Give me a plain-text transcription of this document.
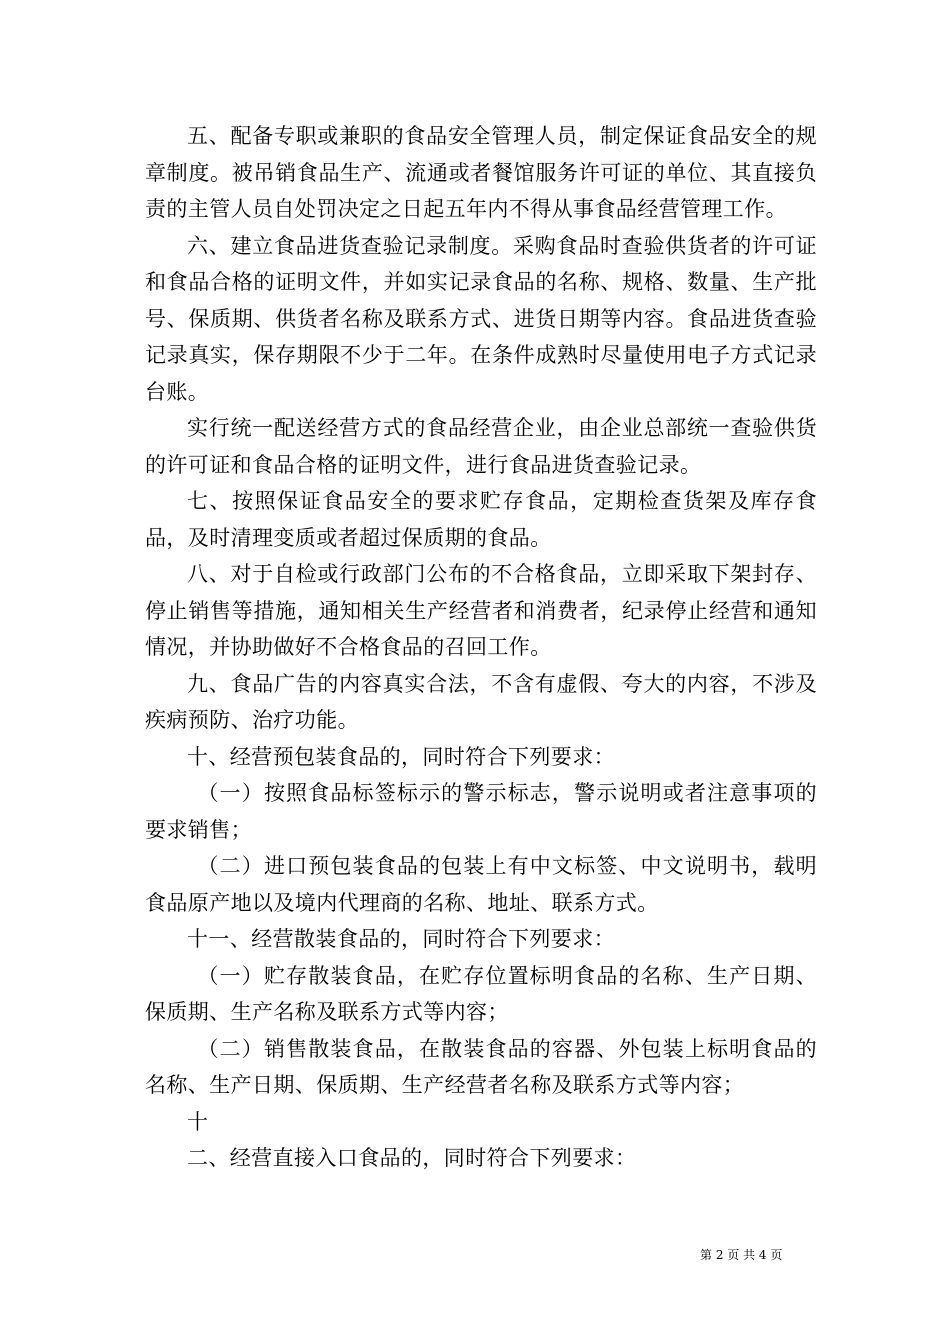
五、配备专职或兼职的食品安全管理人员，制定保证食品安全的规章制度。被吊销食品生产、流通或者餐馆服务许可证的单位、其直接负责的主管人员自处罚决定之日起五年内不得从事食品经营管理工作。

六、建立食品进货查验记录制度。采购食品时查验供货者的许可证和食品合格的证明文件，并如实记录食品的名称、规格、数量、生产批号、保质期、供货者名称及联系方式、进货日期等内容。食品进货查验记录真实，保存期限不少于二年。在条件成熟时尽量使用电子方式记录台账。

实行统一配送经营方式的食品经营企业，由企业总部统一查验供货的许可证和食品合格的证明文件，进行食品进货查验记录。

七、按照保证食品安全的要求贮存食品，定期检查货架及库存食品，及时清理变质或者超过保质期的食品。

八、对于自检或行政部门公布的不合格食品，立即采取下架封存、停止销售等措施，通知相关生产经营者和消费者，纪录停止经营和通知情况，并协助做好不合格食品的召回工作。

九、食品广告的内容真实合法，不含有虚假、夸大的内容，不涉及疾病预防、治疗功能。

十、经营预包装食品的，同时符合下列要求：

（一）按照食品标签标示的警示标志，警示说明或者注意事项的要求销售；

（二）进口预包装食品的包装上有中文标签、中文说明书，载明食品原产地以及境内代理商的名称、地址、联系方式。

十一、经营散装食品的，同时符合下列要求：

（一）贮存散装食品，在贮存位置标明食品的名称、生产日期、保质期、生产名称及联系方式等内容；

（二）销售散装食品，在散装食品的容器、外包装上标明食品的名称、生产日期、保质期、生产经营者名称及联系方式等内容；

十

二、经营直接入口食品的，同时符合下列要求：

第 2 页 共 4 页
